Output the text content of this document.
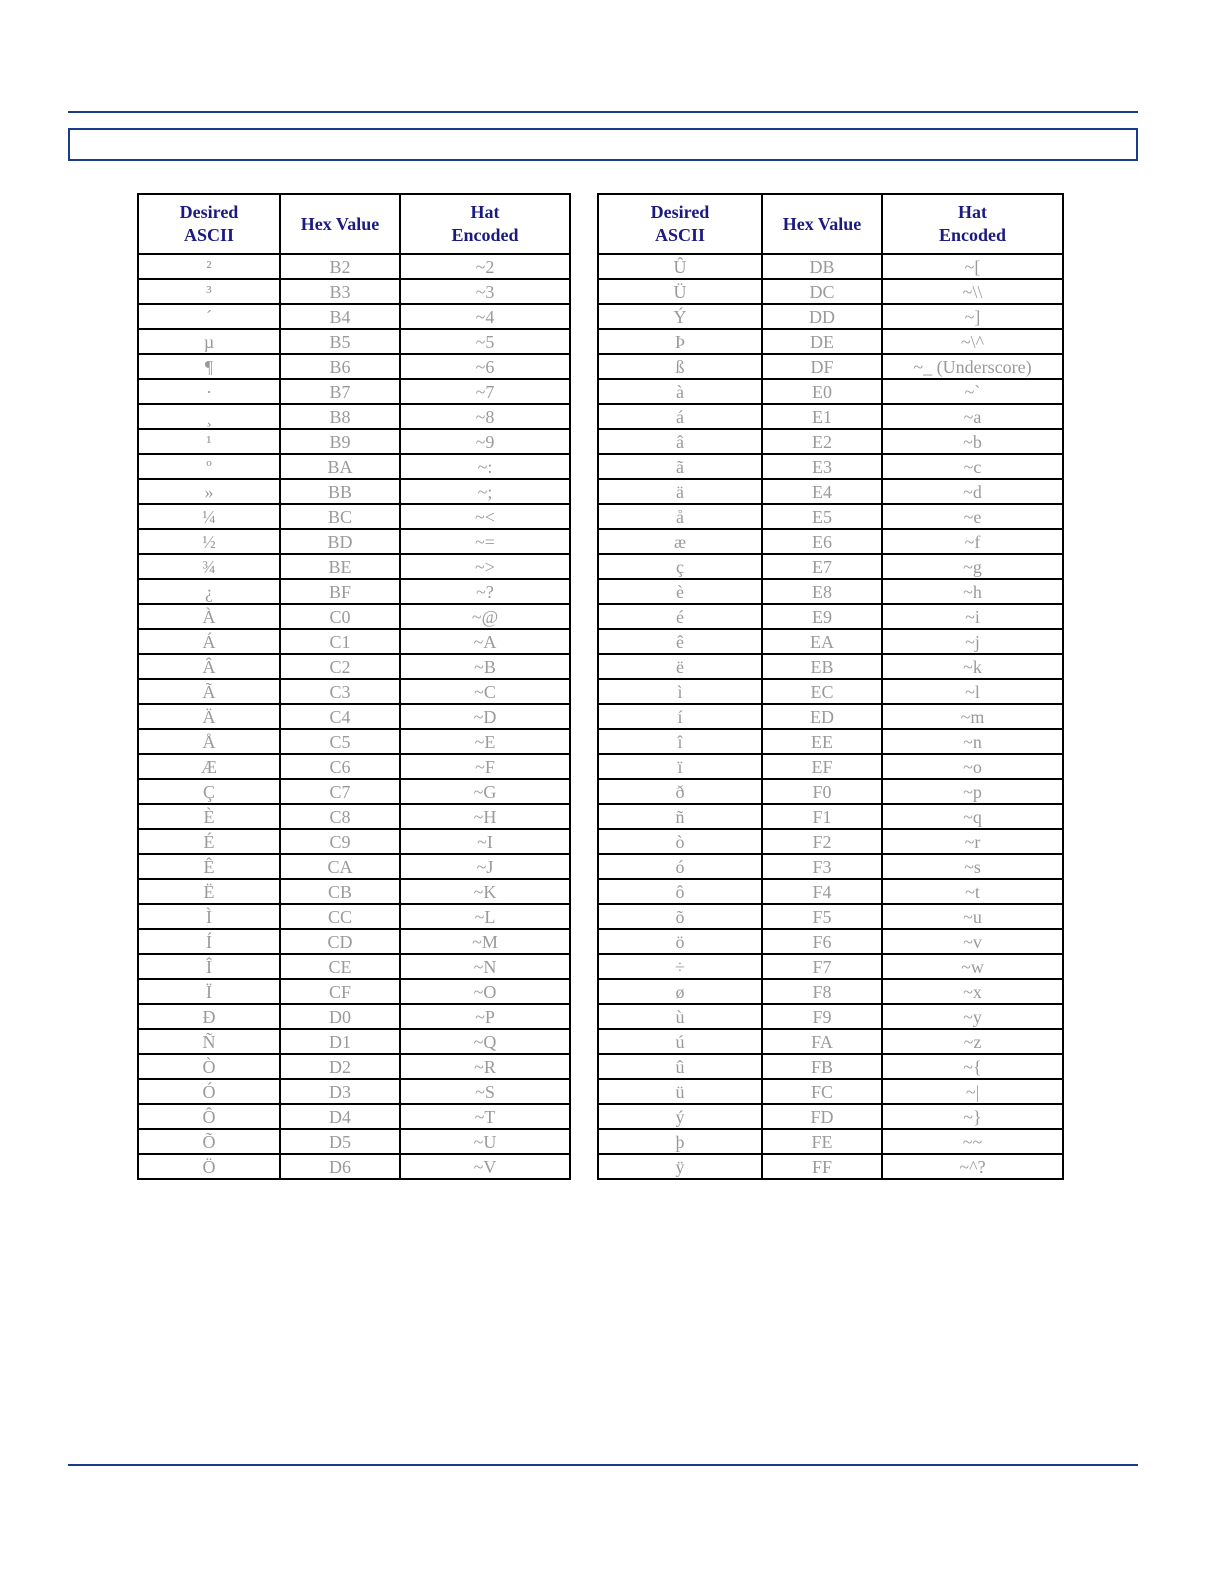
Desired
ASCII	Hex Value	Hat
Encoded
²	B2	~2
³	B3	~3
´	B4	~4
µ	B5	~5
¶	B6	~6
·	B7	~7
¸	B8	~8
¹	B9	~9
º	BA	~:
»	BB	~;
¼	BC	~<
½	BD	~=
¾	BE	~>
¿	BF	~?
À	C0	~@
Á	C1	~A
Â	C2	~B
Ã	C3	~C
Ä	C4	~D
Å	C5	~E
Æ	C6	~F
Ç	C7	~G
È	C8	~H
É	C9	~I
Ê	CA	~J
Ë	CB	~K
Ì	CC	~L
Í	CD	~M
Î	CE	~N
Ï	CF	~O
Ð	D0	~P
Ñ	D1	~Q
Ò	D2	~R
Ó	D3	~S
Ô	D4	~T
Õ	D5	~U
Ö	D6	~V
Desired
ASCII	Hex Value	Hat
Encoded
Û	DB	~[
Ü	DC	~\\
Ý	DD	~]
Þ	DE	~\^
ß	DF	~_ (Underscore)
à	E0	~`
á	E1	~a
â	E2	~b
ã	E3	~c
ä	E4	~d
å	E5	~e
æ	E6	~f
ç	E7	~g
è	E8	~h
é	E9	~i
ê	EA	~j
ë	EB	~k
ì	EC	~l
í	ED	~m
î	EE	~n
ï	EF	~o
ð	F0	~p
ñ	F1	~q
ò	F2	~r
ó	F3	~s
ô	F4	~t
õ	F5	~u
ö	F6	~v
÷	F7	~w
ø	F8	~x
ù	F9	~y
ú	FA	~z
û	FB	~{
ü	FC	~|
ý	FD	~}
þ	FE	~~
ÿ	FF	~^?
